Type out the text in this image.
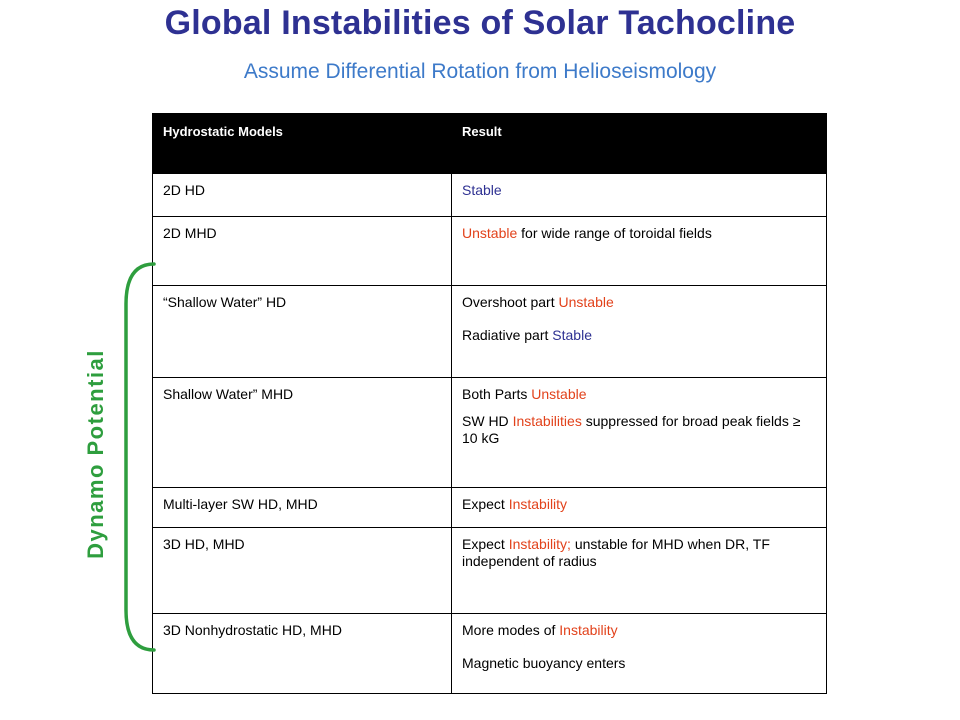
Global Instabilities of Solar Tachocline
Assume Differential Rotation from Helioseismology
Hydrostatic Models	Result

2D HD	Stable

2D MHD	Unstable for wide range of toroidal fields

“Shallow Water” HD	Overshoot part Unstable
Radiative part Stable

Shallow Water” MHD	Both Parts Unstable
SW HD Instabilities suppressed for broad peak fields ≥ 10 kG

Multi-layer SW HD, MHD	Expect Instability

3D HD, MHD	Expect Instability; unstable for MHD when DR, TF independent of radius

3D Nonhydrostatic HD, MHD	More modes of Instability
Magnetic buoyancy enters
Dynamo Potential
